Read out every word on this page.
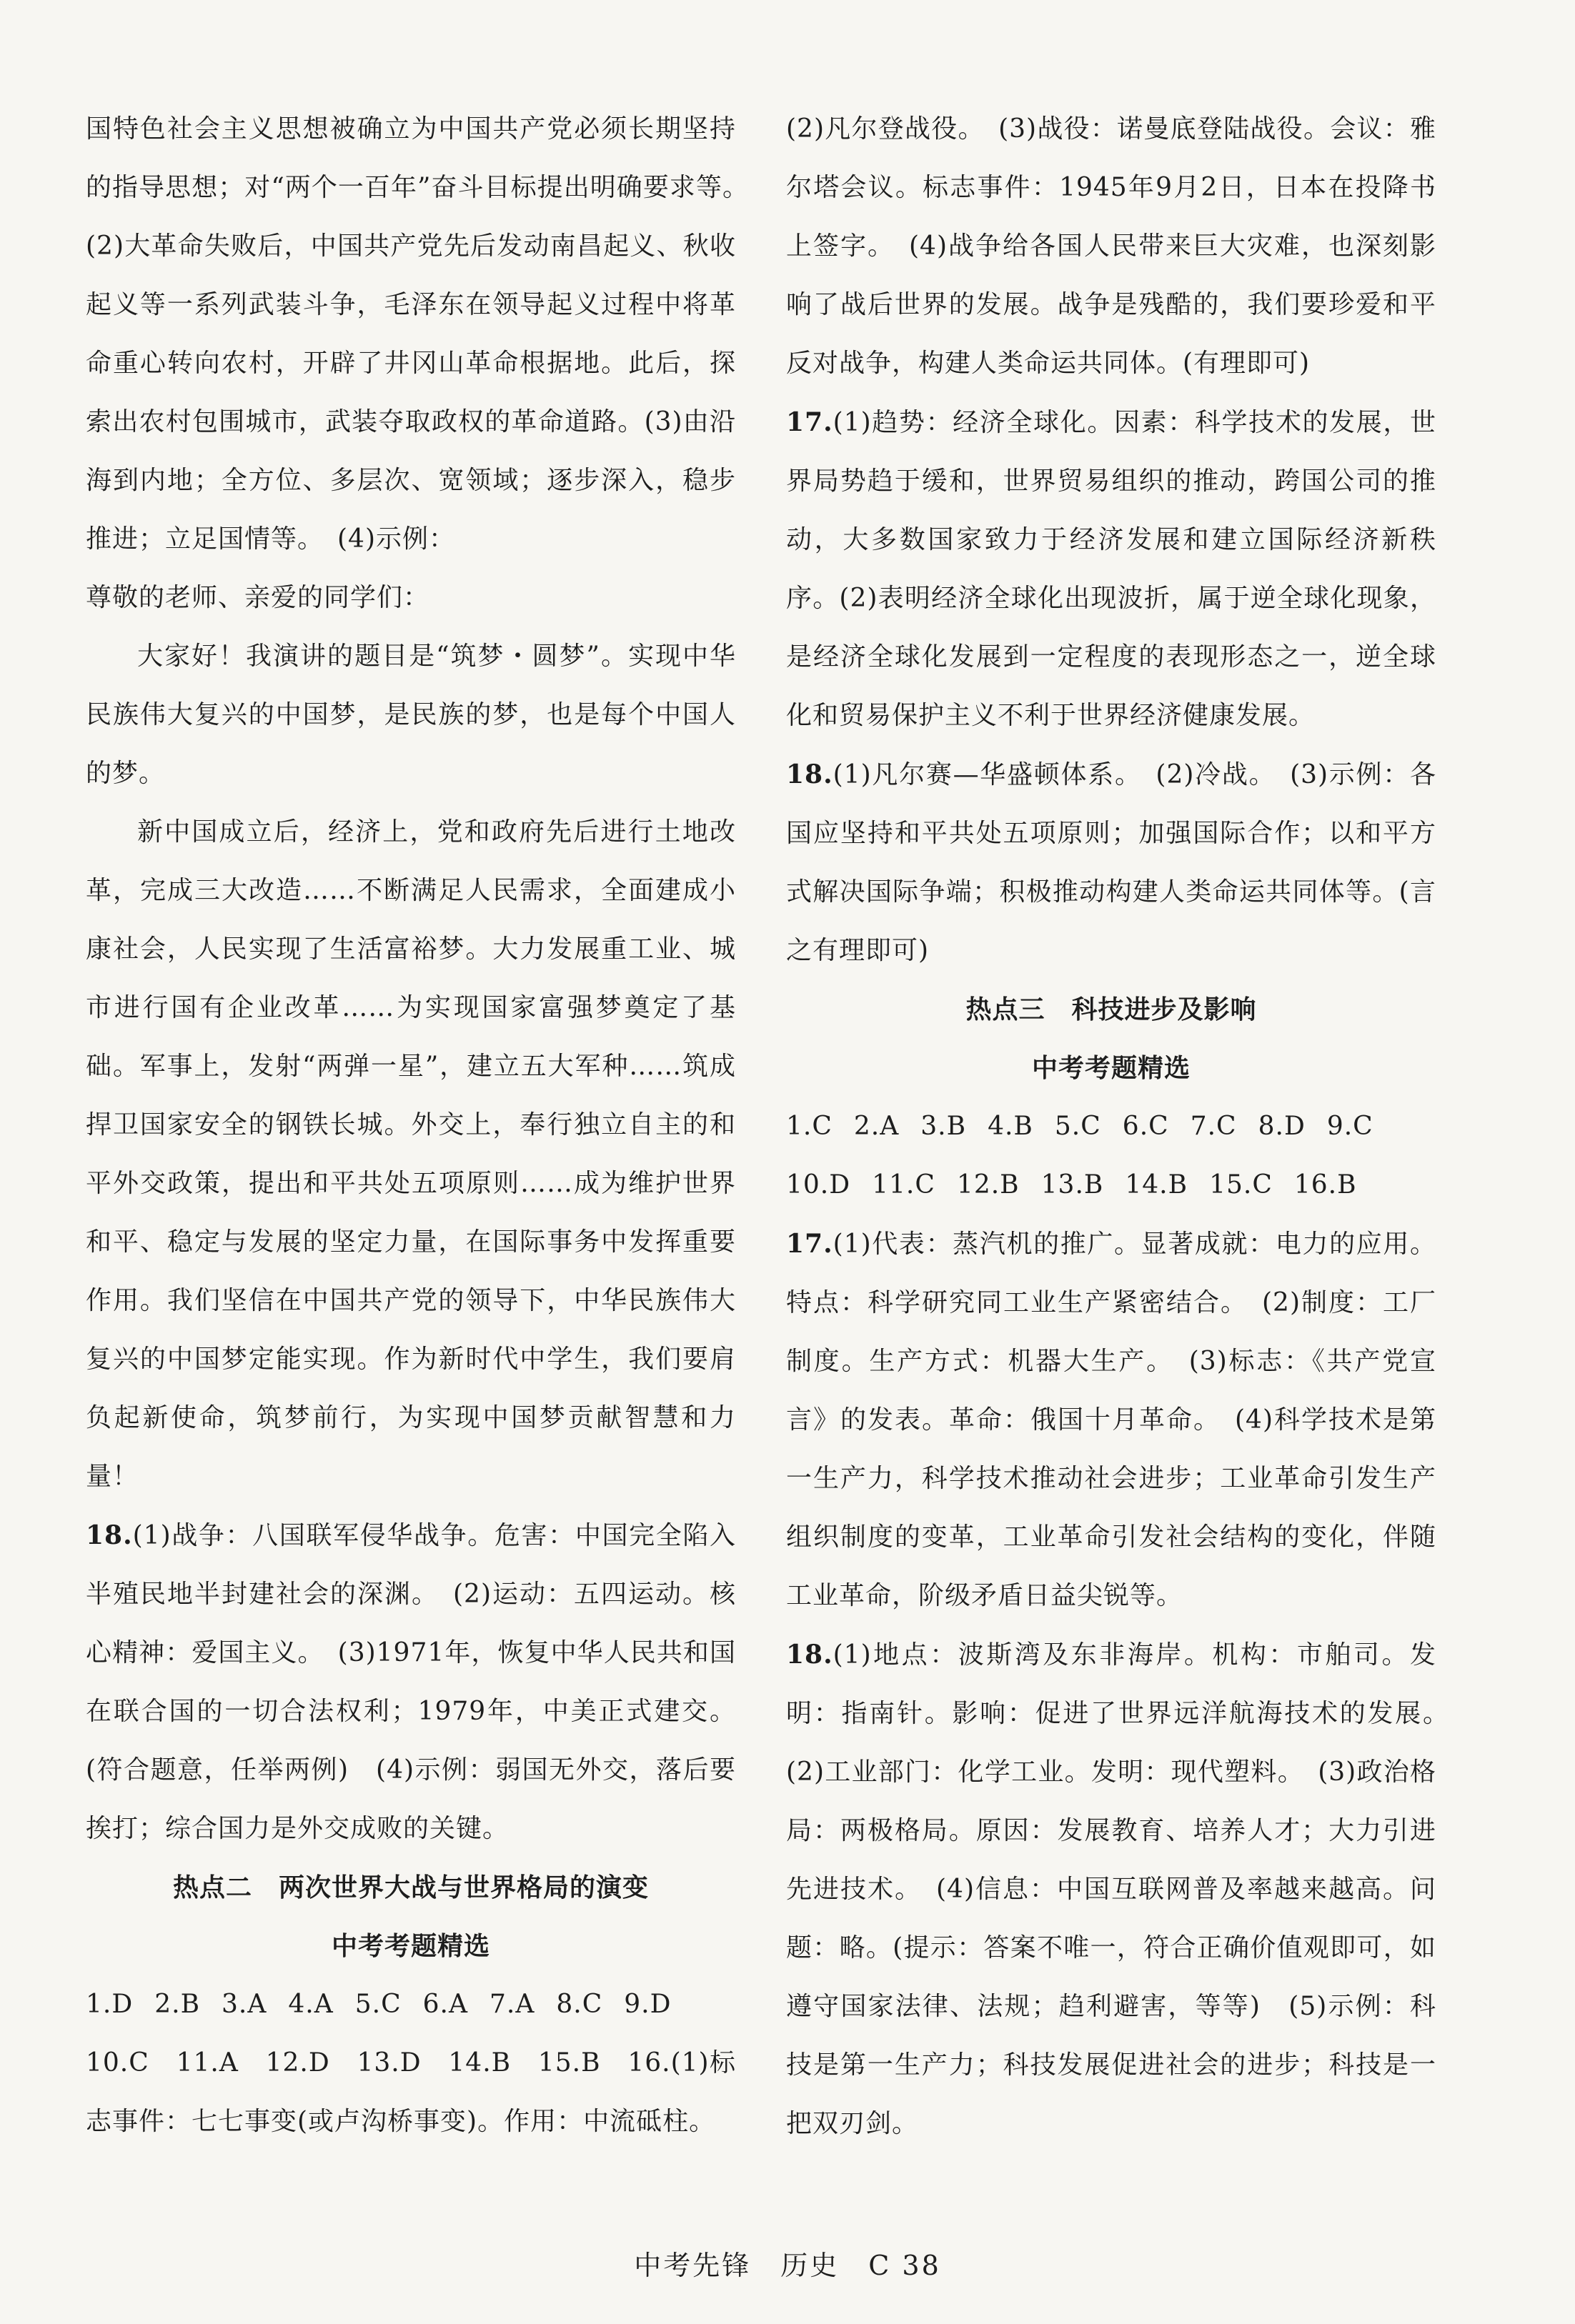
国特色社会主义思想被确立为中国共产党必须长期坚持的指导思想；对“两个一百年”奋斗目标提出明确要求等。　(2)大革命失败后，中国共产党先后发动南昌起义、秋收起义等一系列武装斗争，毛泽东在领导起义过程中将革命重心转向农村，开辟了井冈山革命根据地。此后，探索出农村包围城市，武装夺取政权的革命道路。(3)由沿海到内地；全方位、多层次、宽领域；逐步深入，稳步推进；立足国情等。　(4)示例：

尊敬的老师、亲爱的同学们：

大家好！我演讲的题目是“筑梦・圆梦”。实现中华民族伟大复兴的中国梦，是民族的梦，也是每个中国人的梦。

新中国成立后，经济上，党和政府先后进行土地改革，完成三大改造……不断满足人民需求，全面建成小康社会，人民实现了生活富裕梦。大力发展重工业、城市进行国有企业改革……为实现国家富强梦奠定了基础。军事上，发射“两弹一星”，建立五大军种……筑成捍卫国家安全的钢铁长城。外交上，奉行独立自主的和平外交政策，提出和平共处五项原则……成为维护世界和平、稳定与发展的坚定力量，在国际事务中发挥重要作用。我们坚信在中国共产党的领导下，中华民族伟大复兴的中国梦定能实现。作为新时代中学生，我们要肩负起新使命，筑梦前行，为实现中国梦贡献智慧和力量！

18.(1)战争：八国联军侵华战争。危害：中国完全陷入半殖民地半封建社会的深渊。　(2)运动：五四运动。核心精神：爱国主义。　(3)1971年，恢复中华人民共和国在联合国的一切合法权利；1979年，中美正式建交。(符合题意，任举两例)　(4)示例：弱国无外交，落后要挨打；综合国力是外交成败的关键。

热点二　两次世界大战与世界格局的演变
中考考题精选

1.D 2.B 3.A 4.A 5.C 6.A 7.A 8.C 9.D

10.C　11.A　12.D　13.D　14.B　15.B　16.(1)标志事件：七七事变(或卢沟桥事变)。作用：中流砥柱。

(2)凡尔登战役。　(3)战役：诺曼底登陆战役。会议：雅尔塔会议。标志事件：1945年9月2日，日本在投降书上签字。　(4)战争给各国人民带来巨大灾难，也深刻影响了战后世界的发展。战争是残酷的，我们要珍爱和平反对战争，构建人类命运共同体。(有理即可)

17.(1)趋势：经济全球化。因素：科学技术的发展，世界局势趋于缓和，世界贸易组织的推动，跨国公司的推动，大多数国家致力于经济发展和建立国际经济新秩序。(2)表明经济全球化出现波折，属于逆全球化现象，是经济全球化发展到一定程度的表现形态之一，逆全球化和贸易保护主义不利于世界经济健康发展。

18.(1)凡尔赛—华盛顿体系。　(2)冷战。　(3)示例：各国应坚持和平共处五项原则；加强国际合作；以和平方式解决国际争端；积极推动构建人类命运共同体等。(言之有理即可)

热点三　科技进步及影响
中考考题精选

1.C 2.A 3.B 4.B 5.C 6.C 7.C 8.D 9.C

10.D 11.C 12.B 13.B 14.B 15.C 16.B

17.(1)代表：蒸汽机的推广。显著成就：电力的应用。特点：科学研究同工业生产紧密结合。　(2)制度：工厂制度。生产方式：机器大生产。　(3)标志：《共产党宣言》的发表。革命：俄国十月革命。　(4)科学技术是第一生产力，科学技术推动社会进步；工业革命引发生产组织制度的变革，工业革命引发社会结构的变化，伴随工业革命，阶级矛盾日益尖锐等。

18.(1)地点：波斯湾及东非海岸。机构：市舶司。发明：指南针。影响：促进了世界远洋航海技术的发展。　(2)工业部门：化学工业。发明：现代塑料。　(3)政治格局：两极格局。原因：发展教育、培养人才；大力引进先进技术。　(4)信息：中国互联网普及率越来越高。问题：略。(提示：答案不唯一，符合正确价值观即可，如遵守国家法律、法规；趋利避害，等等)　(5)示例：科技是第一生产力；科技发展促进社会的进步；科技是一把双刃剑。

中考先锋　历史　C 38
